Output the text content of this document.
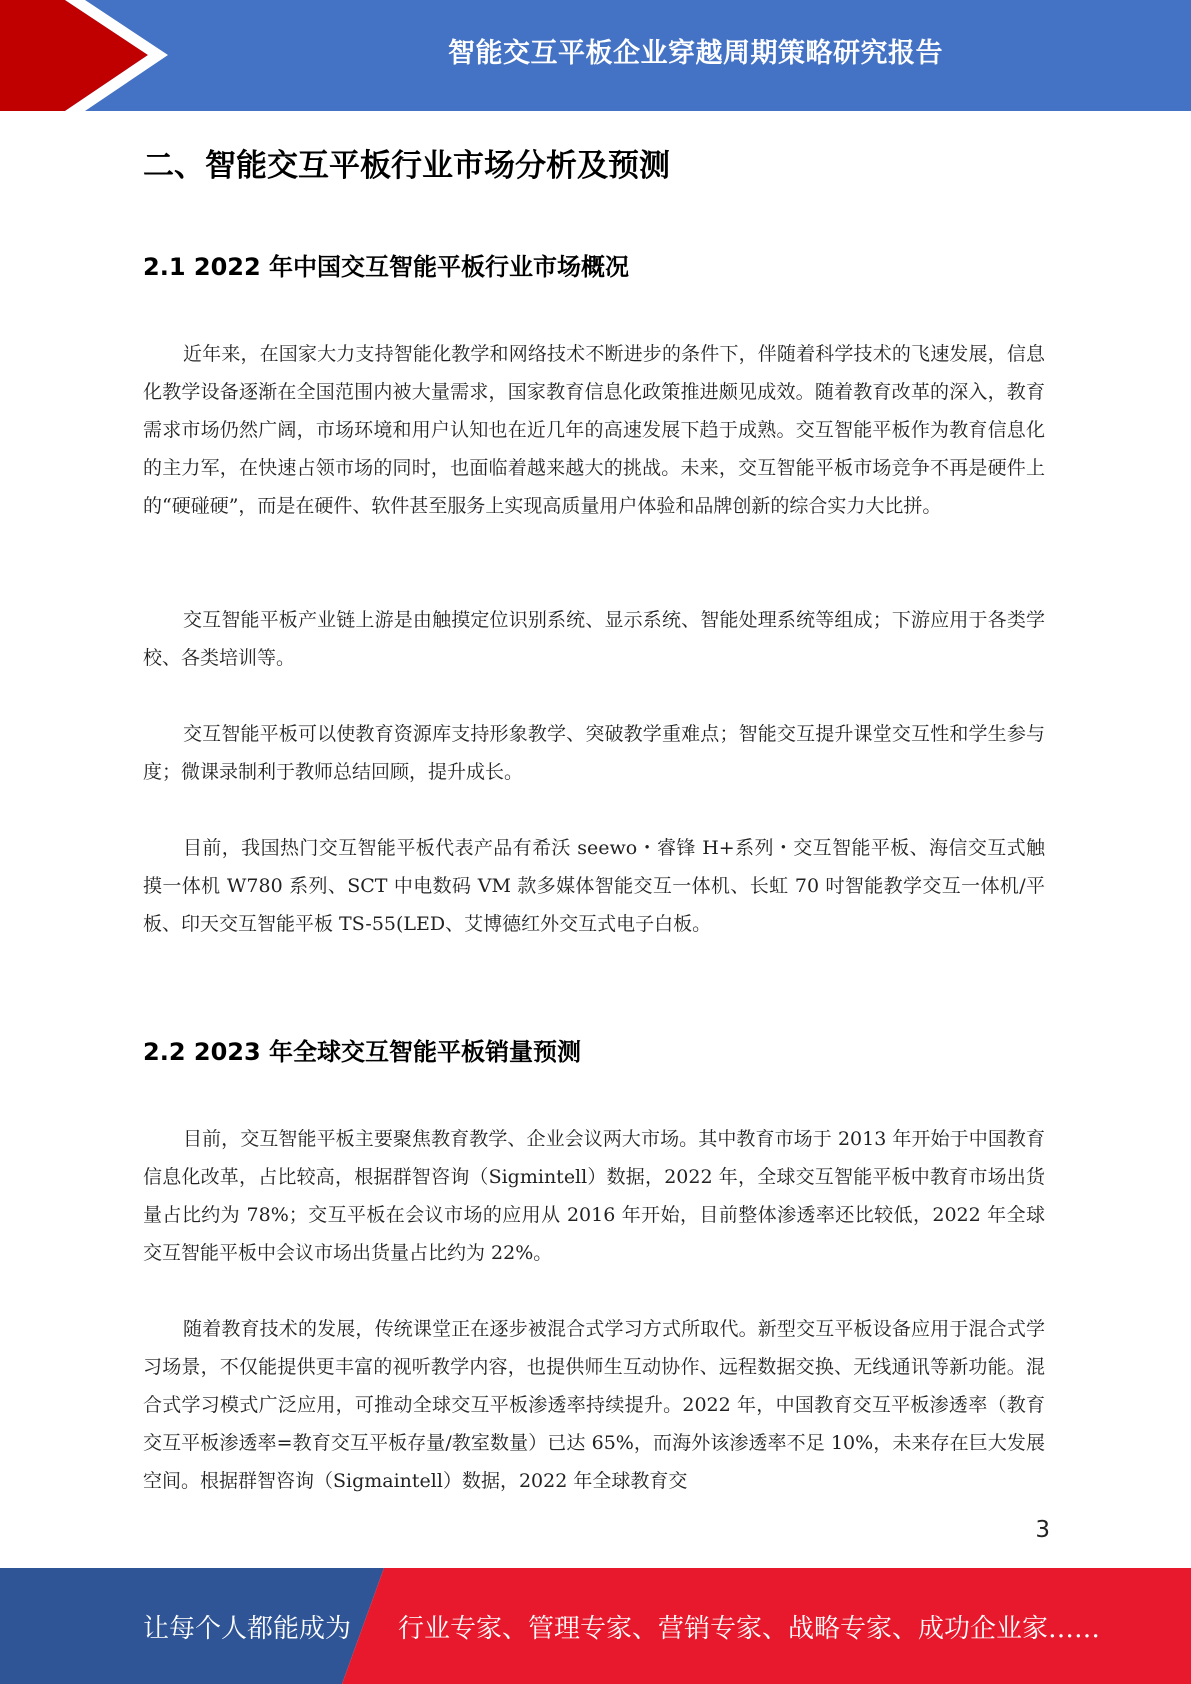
智能交互平板企业穿越周期策略研究报告
二、智能交互平板行业市场分析及预测
2.1 2022 年中国交互智能平板行业市场概况

近年来，在国家大力支持智能化教学和网络技术不断进步的条件下，伴随着科学技术的飞速发展，信息化教学设备逐渐在全国范围内被大量需求，国家教育信息化政策推进颇见成效。随着教育改革的深入，教育需求市场仍然广阔，市场环境和用户认知也在近几年的高速发展下趋于成熟。交互智能平板作为教育信息化的主力军，在快速占领市场的同时，也面临着越来越大的挑战。未来，交互智能平板市场竞争不再是硬件上的“硬碰硬”，而是在硬件、软件甚至服务上实现高质量用户体验和品牌创新的综合实力大比拼。

交互智能平板产业链上游是由触摸定位识别系统、显示系统、智能处理系统等组成；下游应用于各类学校、各类培训等。

交互智能平板可以使教育资源库支持形象教学、突破教学重难点；智能交互提升课堂交互性和学生参与度；微课录制利于教师总结回顾，提升成长。

目前，我国热门交互智能平板代表产品有希沃 seewo・睿锋 H+系列・交互智能平板、海信交互式触摸一体机 W780 系列、SCT 中电数码 VM 款多媒体智能交互一体机、长虹 70 吋智能教学交互一体机/平板、印天交互智能平板 TS-55(LED、艾博德红外交互式电子白板。

2.2 2023 年全球交互智能平板销量预测

目前，交互智能平板主要聚焦教育教学、企业会议两大市场。其中教育市场于 2013 年开始于中国教育信息化改革，占比较高，根据群智咨询（Sigmintell）数据，2022 年，全球交互智能平板中教育市场出货量占比约为 78%；交互平板在会议市场的应用从 2016 年开始，目前整体渗透率还比较低，2022 年全球交互智能平板中会议市场出货量占比约为 22%。

随着教育技术的发展，传统课堂正在逐步被混合式学习方式所取代。新型交互平板设备应用于混合式学习场景，不仅能提供更丰富的视听教学内容，也提供师生互动协作、远程数据交换、无线通讯等新功能。混合式学习模式广泛应用，可推动全球交互平板渗透率持续提升。2022 年，中国教育交互平板渗透率（教育交互平板渗透率=教育交互平板存量/教室数量）已达 65%，而海外该渗透率不足 10%，未来存在巨大发展空间。根据群智咨询（Sigmaintell）数据，2022 年全球教育交

3
让每个人都能成为 行业专家、管理专家、营销专家、战略专家、成功企业家……
